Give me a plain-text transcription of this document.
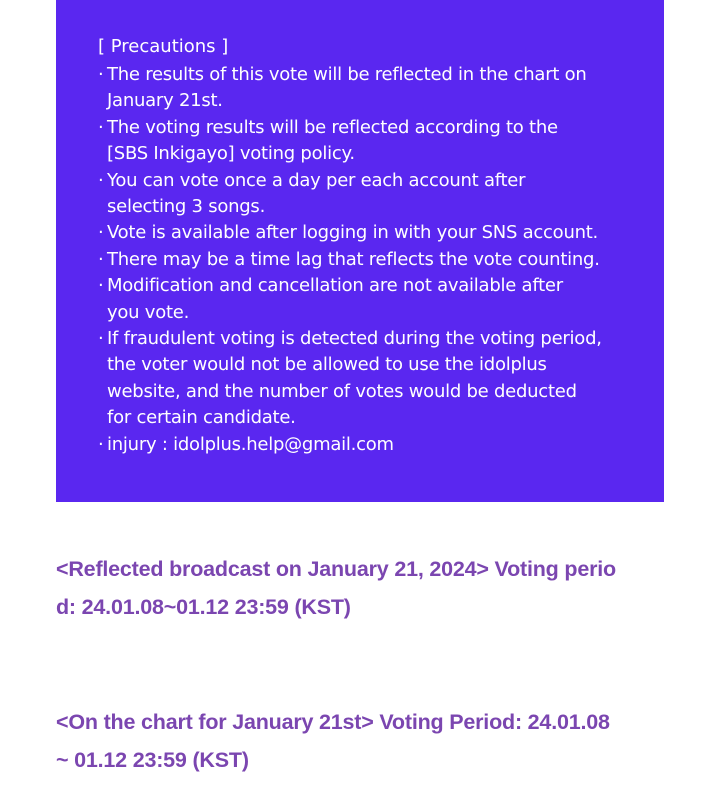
[ Precautions ]
· The results of this vote will be reflected in the chart on
January 21st.
· The voting results will be reflected according to the
[SBS Inkigayo] voting policy.
· You can vote once a day per each account after
selecting 3 songs.
· Vote is available after logging in with your SNS account.
· There may be a time lag that reflects the vote counting.
· Modification and cancellation are not available after
you vote.
· If fraudulent voting is detected during the voting period,
the voter would not be allowed to use the idolplus
website, and the number of votes would be deducted
for certain candidate.
· injury : idolplus.help@gmail.com
<Reflected broadcast on January 21, 2024> Voting perio
d: 24.01.08~01.12 23:59 (KST)
<On the chart for January 21st> Voting Period: 24.01.08
~ 01.12 23:59 (KST)
